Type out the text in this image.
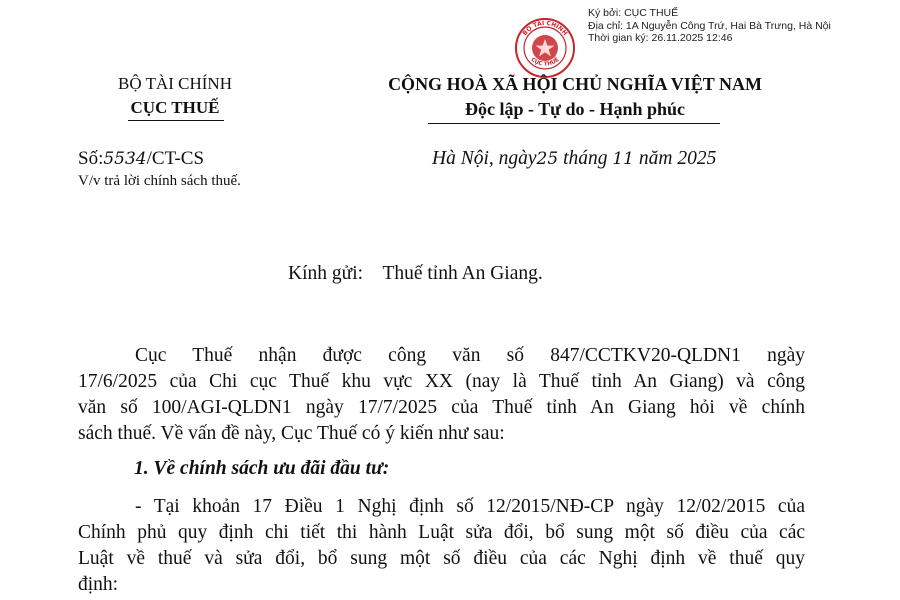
Ký bởi: CỤC THUẾ
Địa chỉ: 1A Nguyễn Công Trứ, Hai Bà Trưng, Hà Nội
Thời gian ký: 26.11.2025 12:46
BỘ TÀI CHÍNH
CỤC THUẾ
BỘ TÀI CHÍNH
CỤC THUẾ
CỘNG HOÀ XÃ HỘI CHỦ NGHĨA VIỆT NAM
Độc lập - Tự do - Hạnh phúc
Số:5534/CT-CS
V/v trả lời chính sách thuế.
Hà Nội, ngày25 tháng 11 năm 2025
Kính gửi: Thuế tỉnh An Giang.
Cục Thuế nhận được công văn số 847/CCTKV20-QLDN1 ngày
17/6/2025 của Chi cục Thuế khu vực XX (nay là Thuế tỉnh An Giang) và công
văn số 100/AGI-QLDN1 ngày 17/7/2025 của Thuế tỉnh An Giang hỏi về chính
sách thuế. Về vấn đề này, Cục Thuế có ý kiến như sau:
1. Về chính sách ưu đãi đầu tư:
- Tại khoản 17 Điều 1 Nghị định số 12/2015/NĐ-CP ngày 12/02/2015 của
Chính phủ quy định chi tiết thi hành Luật sửa đổi, bổ sung một số điều của các
Luật về thuế và sửa đổi, bổ sung một số điều của các Nghị định về thuế quy
định:
